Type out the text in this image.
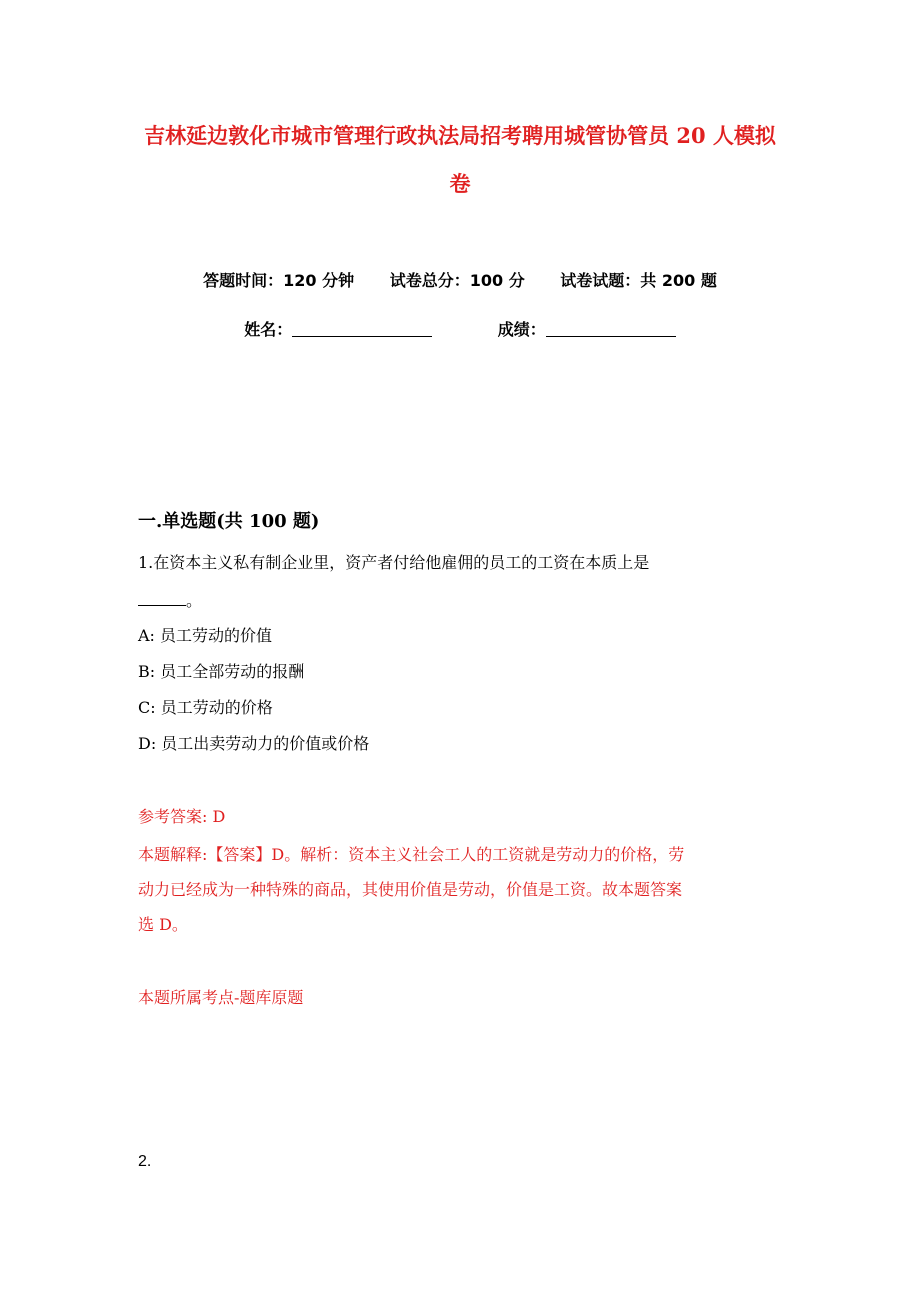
吉林延边敦化市城市管理行政执法局招考聘用城管协管员 20 人模拟
卷
答题时间：120 分钟 试卷总分：100 分 试卷试题：共 200 题
姓名：	成绩：
一.单选题(共 100 题)
1.在资本主义私有制企业里，资产者付给他雇佣的员工的工资在本质上是
。
A: 员工劳动的价值
B: 员工全部劳动的报酬
C: 员工劳动的价格
D: 员工出卖劳动力的价值或价格
参考答案: D
本题解释:【答案】D。解析：资本主义社会工人的工资就是劳动力的价格，劳
动力已经成为一种特殊的商品，其使用价值是劳动，价值是工资。故本题答案
选 D。
本题所属考点-题库原题
2.
